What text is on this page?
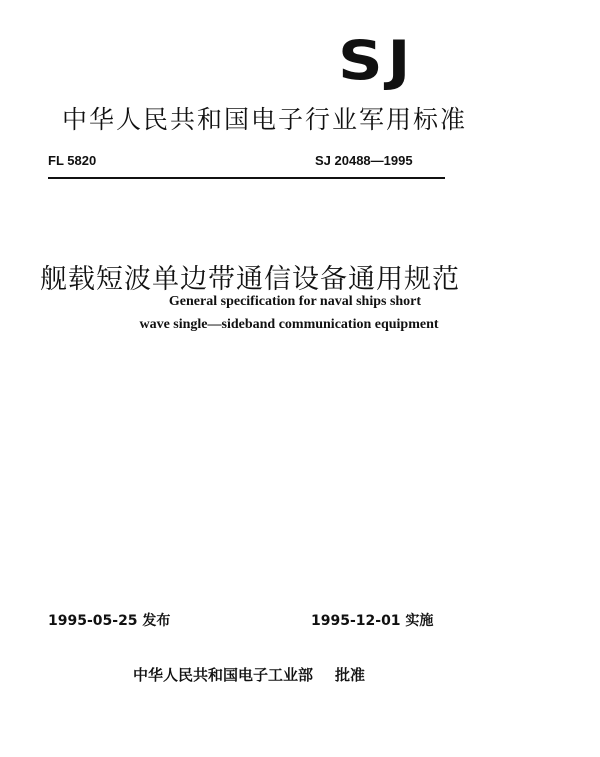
SJ
中华人民共和国电子行业军用标准
FL 5820	SJ 20488—1995
舰载短波单边带通信设备通用规范
General specification for naval ships short
wave single—sideband communication equipment
1995-05-25 发布	1995-12-01 实施
中华人民共和国电子工业部 批准
